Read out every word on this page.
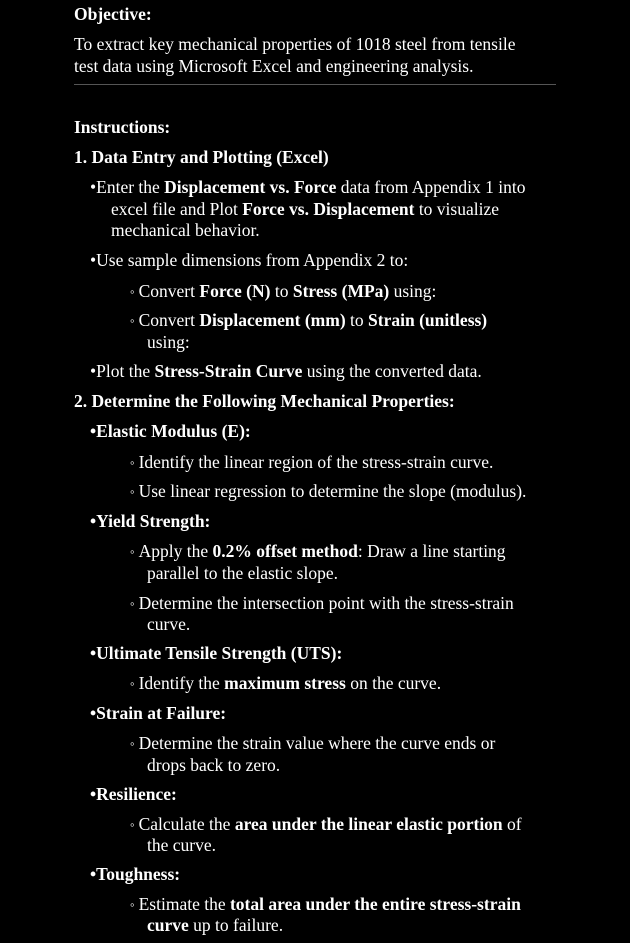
Objective:
To extract key mechanical properties of 1018 steel from tensile
test data using Microsoft Excel and engineering analysis.
Instructions:
1. Data Entry and Plotting (Excel)
•Enter the Displacement vs. Force data from Appendix 1 into
excel file and Plot Force vs. Displacement to visualize
mechanical behavior.
•Use sample dimensions from Appendix 2 to:
◦ Convert Force (N) to Stress (MPa) using:
◦ Convert Displacement (mm) to Strain (unitless)
using:
•Plot the Stress-Strain Curve using the converted data.
2. Determine the Following Mechanical Properties:
•Elastic Modulus (E):
◦ Identify the linear region of the stress-strain curve.
◦ Use linear regression to determine the slope (modulus).
•Yield Strength:
◦ Apply the 0.2% offset method: Draw a line starting
parallel to the elastic slope.
◦ Determine the intersection point with the stress-strain
curve.
•Ultimate Tensile Strength (UTS):
◦ Identify the maximum stress on the curve.
•Strain at Failure:
◦ Determine the strain value where the curve ends or
drops back to zero.
•Resilience:
◦ Calculate the area under the linear elastic portion of
the curve.
•Toughness:
◦ Estimate the total area under the entire stress-strain
curve up to failure.
